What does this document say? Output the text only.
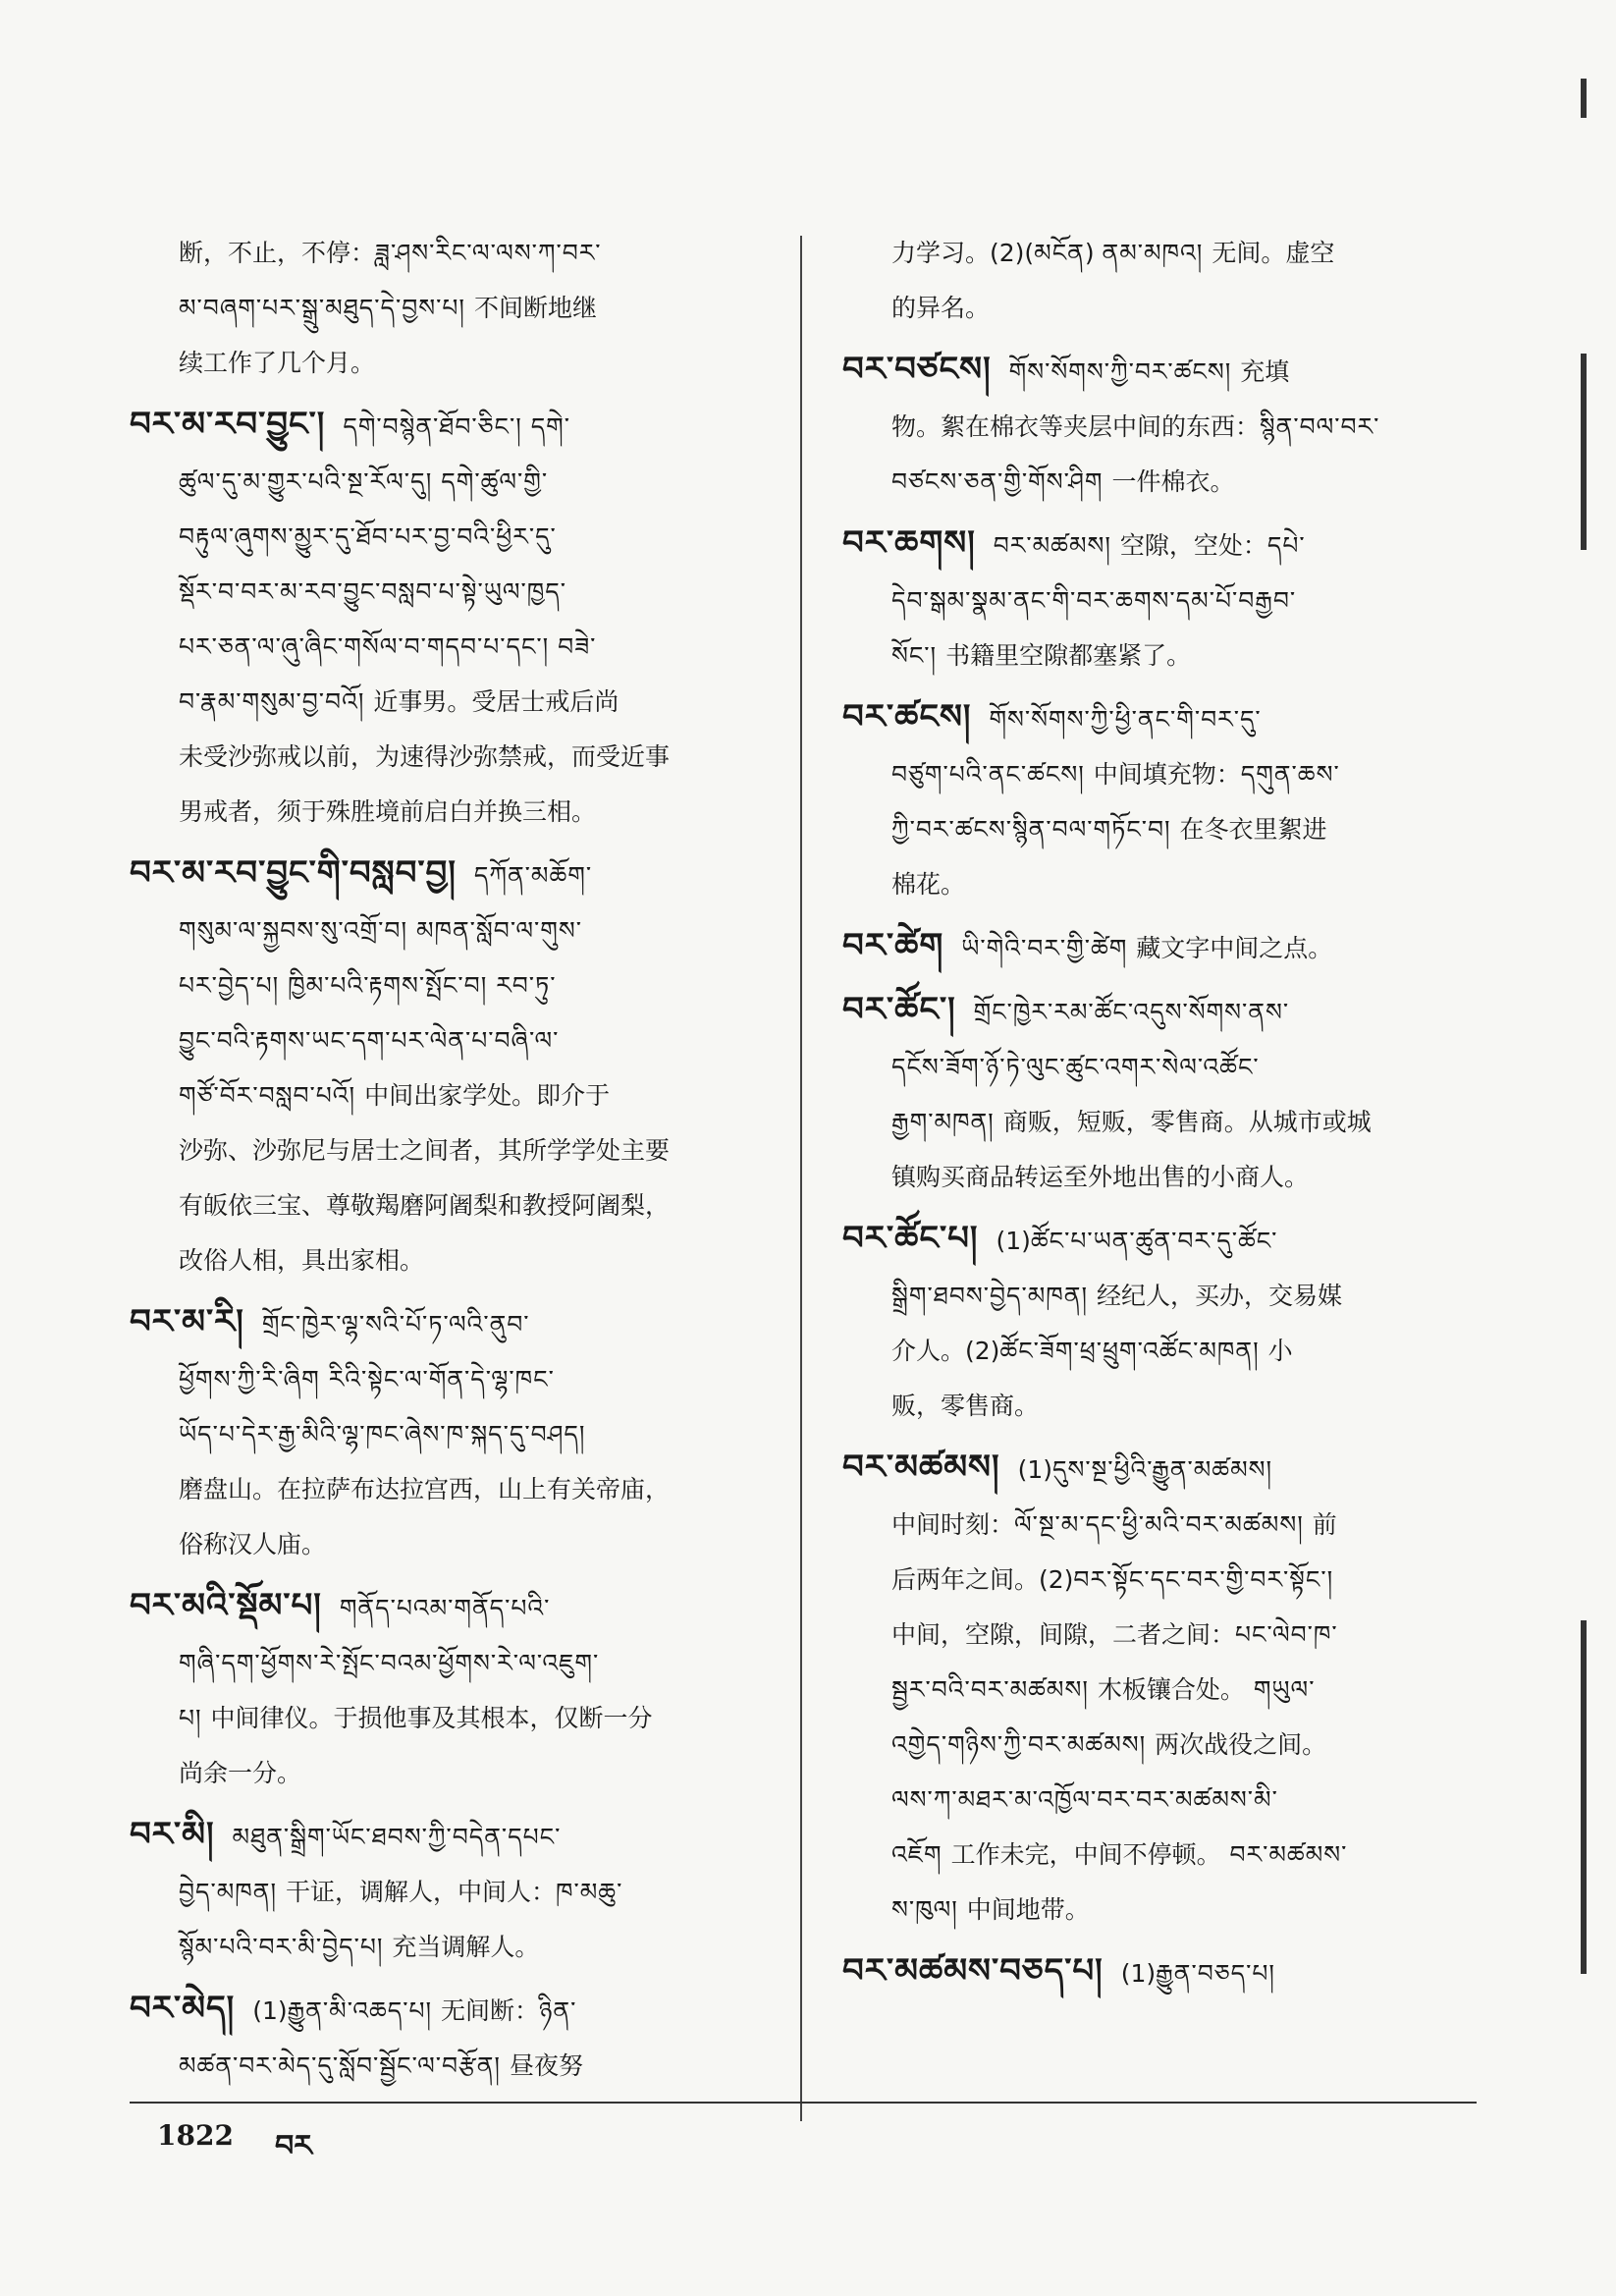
断，不止，不停：ཟླ་ཤས་རིང་ལ་ལས་ཀ་བར་
མ་བཞག་པར་སྒྲུ་མཐུད་དེ་བྱས་པ། 不间断地继
续工作了几个月。
བར་མ་རབ་བྱུང་། དགེ་བསྙེན་ཐོབ་ཅིང་། དགེ་
ཚུལ་དུ་མ་གྱུར་པའི་སྔ་རོལ་དུ། དགེ་ཚུལ་གྱི་
བརྟུལ་ཞུགས་མྱུར་དུ་ཐོབ་པར་བྱ་བའི་ཕྱིར་དུ་
སྡོར་བ་བར་མ་རབ་བྱུང་བསླབ་པ་སྟེ་ཡུལ་ཁྱད་
པར་ཅན་ལ་ཞུ་ཞིང་གསོལ་བ་གདབ་པ་དང་། བཟེ་
བ་རྣམ་གསུམ་བྱ་བའོ། 近事男。受居士戒后尚
未受沙弥戒以前，为速得沙弥禁戒，而受近事
男戒者，须于殊胜境前启白并换三相。
བར་མ་རབ་བྱུང་གི་བསླབ་བྱ། དཀོན་མཆོག་
གསུམ་ལ་སྐྱབས་སུ་འགྲོ་བ། མཁན་སློབ་ལ་གུས་
པར་བྱེད་པ། ཁྱིམ་པའི་རྟགས་སྤོང་བ། རབ་ཏུ་
བྱུང་བའི་རྟགས་ཡང་དག་པར་ལེན་པ་བཞི་ལ་
གཙོ་བོར་བསླབ་པའོ། 中间出家学处。即介于
沙弥、沙弥尼与居士之间者，其所学学处主要
有皈依三宝、尊敬羯磨阿阇梨和教授阿阇梨，
改俗人相，具出家相。
བར་མ་རི། གྲོང་ཁྱེར་ལྷ་སའི་པོ་ཏ་ལའི་ནུབ་
ཕྱོགས་ཀྱི་རི་ཞིག རིའི་སྟེང་ལ་གོན་དེ་ལྷ་ཁང་
ཡོད་པ་དེར་རྒྱ་མིའི་ལྷ་ཁང་ཞེས་ཁ་སྐད་དུ་བཤད།
磨盘山。在拉萨布达拉宫西，山上有关帝庙，
俗称汉人庙。
བར་མའི་སྡོམ་པ། གནོད་པའམ་གནོད་པའི་
གཞི་དག་ཕྱོགས་རེ་སྤོང་བའམ་ཕྱོགས་རེ་ལ་འཇུག་
པ། 中间律仪。于损他事及其根本，仅断一分
尚余一分。
བར་མི། མཐུན་སྒྲིག་ཡོང་ཐབས་ཀྱི་བདེན་དཔང་
བྱེད་མཁན། 干证，调解人，中间人：ཁ་མཆུ་
སྙོམ་པའི་བར་མི་བྱེད་པ། 充当调解人。
བར་མེད། (1)རྒྱུན་མི་འཆད་པ། 无间断：ཉིན་
མཚན་བར་མེད་དུ་སློབ་སྦྱོང་ལ་བརྩོན། 昼夜努
力学习。(2)(མངོན) ནམ་མཁའ། 无间。虚空
的异名。
བར་བཙངས། གོས་སོགས་ཀྱི་བར་ཚངས། 充填
物。絮在棉衣等夹层中间的东西：སྙིན་བལ་བར་
བཙངས་ཅན་གྱི་གོས་ཤིག 一件棉衣。
བར་ཆགས། བར་མཚམས། 空隙，空处：དཔེ་
དེབ་སྒམ་སྣམ་ནང་གི་བར་ཆགས་དམ་པོ་བརྒྱབ་
སོང་། 书籍里空隙都塞紧了。
བར་ཚངས། གོས་སོགས་ཀྱི་ཕྱི་ནང་གི་བར་དུ་
བཙུག་པའི་ནང་ཚངས། 中间填充物：དགུན་ཆས་
ཀྱི་བར་ཚངས་སྙིན་བལ་གཏོང་བ། 在冬衣里絮进
棉花。
བར་ཚེག ཡི་གེའི་བར་གྱི་ཚེག 藏文字中间之点。
བར་ཚོང་། གྲོང་ཁྱེར་རམ་ཚོང་འདུས་སོགས་ནས་
དངོས་ཟོག་ཉོ་ཏེ་ལུང་ཚུང་འགར་སེལ་འཚོང་
རྒྱག་མཁན། 商贩，短贩，零售商。从城市或城
镇购买商品转运至外地出售的小商人。
བར་ཚོང་པ། (1)ཚོང་པ་ཡན་ཚུན་བར་དུ་ཚོང་
སྒྲིག་ཐབས་བྱེད་མཁན། 经纪人，买办，交易媒
介人。(2)ཚོང་ཟོག་ཕྲ་ཕྲུག་འཚོང་མཁན། 小
贩，零售商。
བར་མཚམས། (1)དུས་སྔ་ཕྱིའི་རྒྱུན་མཚམས།
中间时刻：ལོ་སྔ་མ་དང་ཕྱི་མའི་བར་མཚམས། 前
后两年之间。(2)བར་སྟོང་དང་བར་གྱི་བར་སྟོང་།
中间，空隙，间隙，二者之间：པང་ལེབ་ཁ་
སྦྱར་བའི་བར་མཚམས། 木板镶合处。 གཡུལ་
འགྱེད་གཉིས་ཀྱི་བར་མཚམས། 两次战役之间。
ལས་ཀ་མཐར་མ་འཁྱོལ་བར་བར་མཚམས་མི་
འཇོག 工作未完，中间不停顿。 བར་མཚམས་
ས་ཁུལ། 中间地带。
བར་མཚམས་བཅད་པ། (1)རྒྱུན་བཅད་པ།
1822 བར
